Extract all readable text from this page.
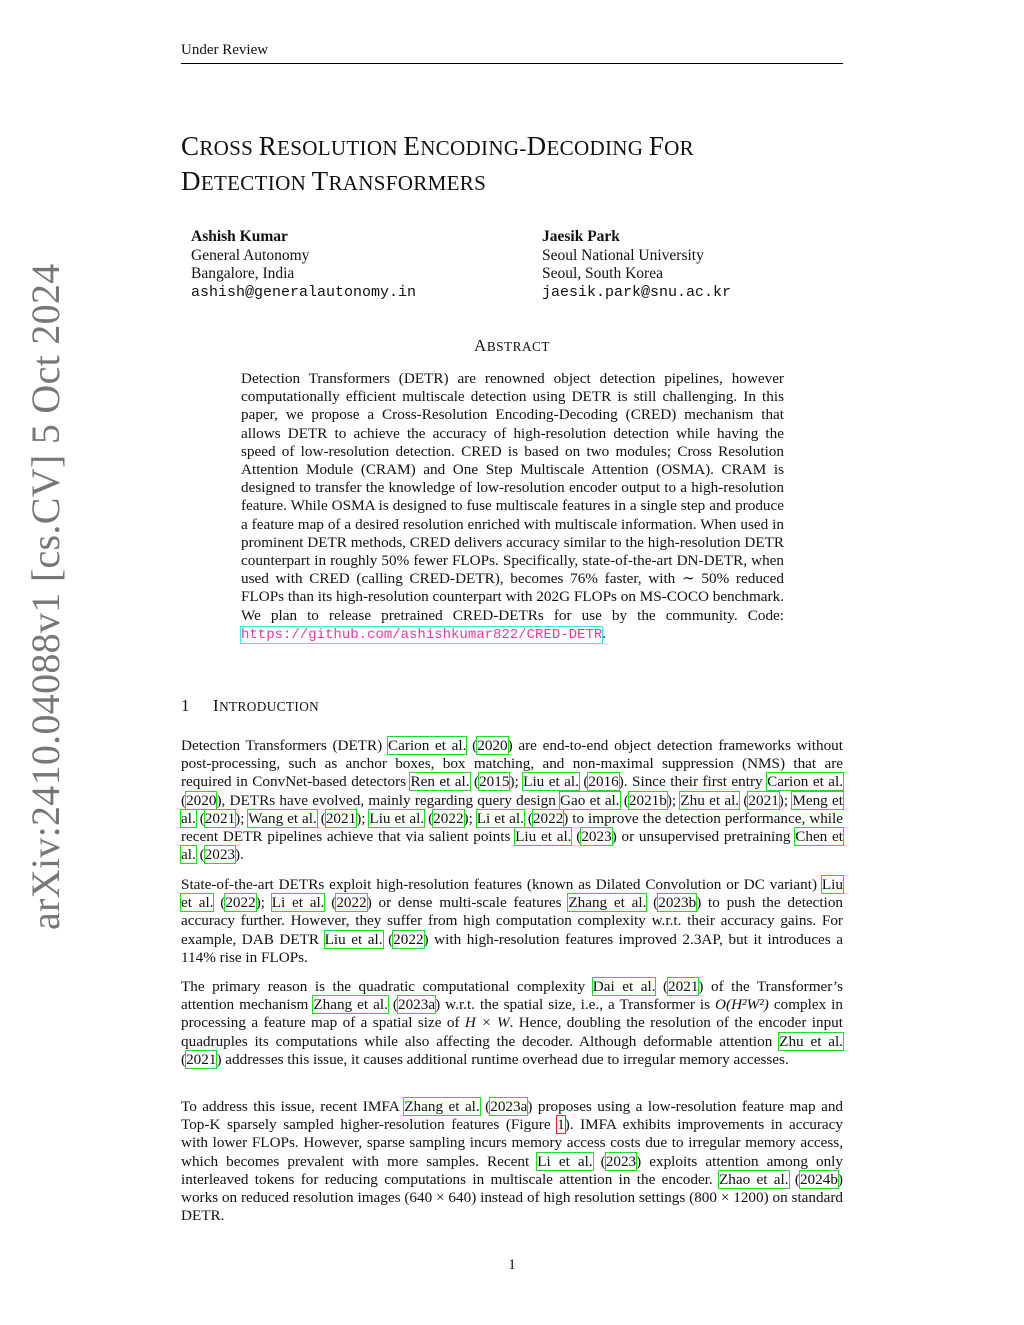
Under Review
arXiv:2410.04088v1 [cs.CV] 5 Oct 2024
CROSS RESOLUTION ENCODING-DECODING FOR
DETECTION TRANSFORMERS
Ashish Kumar
General Autonomy
Bangalore, India
ashish@generalautonomy.in
Jaesik Park
Seoul National University
Seoul, South Korea
jaesik.park@snu.ac.kr
ABSTRACT
Detection Transformers (DETR) are renowned object detection pipelines, however computationally efficient multiscale detection using DETR is still challenging. In this paper, we propose a Cross-Resolution Encoding-Decoding (CRED) mechanism that allows DETR to achieve the accuracy of high-resolution detection while having the speed of low-resolution detection. CRED is based on two modules; Cross Resolution Attention Module (CRAM) and One Step Multiscale Attention (OSMA). CRAM is designed to transfer the knowledge of low-resolution encoder output to a high-resolution feature. While OSMA is designed to fuse multiscale features in a single step and produce a feature map of a desired resolution enriched with multiscale information. When used in prominent DETR methods, CRED delivers accuracy similar to the high-resolution DETR counterpart in roughly 50% fewer FLOPs. Specifically, state-of-the-art DN-DETR, when used with CRED (calling CRED-DETR), becomes 76% faster, with ∼ 50% reduced FLOPs than its high-resolution counterpart with 202G FLOPs on MS-COCO benchmark. We plan to release pretrained CRED-DETRs for use by the community. Code: https://github.com/ashishkumar822/CRED-DETR.
1 INTRODUCTION
Detection Transformers (DETR) Carion et al. (2020) are end-to-end object detection frameworks without post-processing, such as anchor boxes, box matching, and non-maximal suppression (NMS) that are required in ConvNet-based detectors Ren et al. (2015); Liu et al. (2016). Since their first entry Carion et al. (2020), DETRs have evolved, mainly regarding query design Gao et al. (2021b); Zhu et al. (2021); Meng et al. (2021); Wang et al. (2021); Liu et al. (2022); Li et al. (2022) to improve the detection performance, while recent DETR pipelines achieve that via salient points Liu et al. (2023) or unsupervised pretraining Chen et al. (2023).
State-of-the-art DETRs exploit high-resolution features (known as Dilated Convolution or DC variant) Liu et al. (2022); Li et al. (2022) or dense multi-scale features Zhang et al. (2023b) to push the detection accuracy further. However, they suffer from high computation complexity w.r.t. their accuracy gains. For example, DAB DETR Liu et al. (2022) with high-resolution features improved 2.3AP, but it introduces a 114% rise in FLOPs.
The primary reason is the quadratic computational complexity Dai et al. (2021) of the Transformer’s attention mechanism Zhang et al. (2023a) w.r.t. the spatial size, i.e., a Transformer is O(H²W²) complex in processing a feature map of a spatial size of H × W. Hence, doubling the resolution of the encoder input quadruples its computations while also affecting the decoder. Although deformable attention Zhu et al. (2021) addresses this issue, it causes additional runtime overhead due to irregular memory accesses.
To address this issue, recent IMFA Zhang et al. (2023a) proposes using a low-resolution feature map and Top-K sparsely sampled higher-resolution features (Figure 1). IMFA exhibits improvements in accuracy with lower FLOPs. However, sparse sampling incurs memory access costs due to irregular memory access, which becomes prevalent with more samples. Recent Li et al. (2023) exploits attention among only interleaved tokens for reducing computations in multiscale attention in the encoder. Zhao et al. (2024b) works on reduced resolution images (640 × 640) instead of high resolution settings (800 × 1200) on standard DETR.
1
